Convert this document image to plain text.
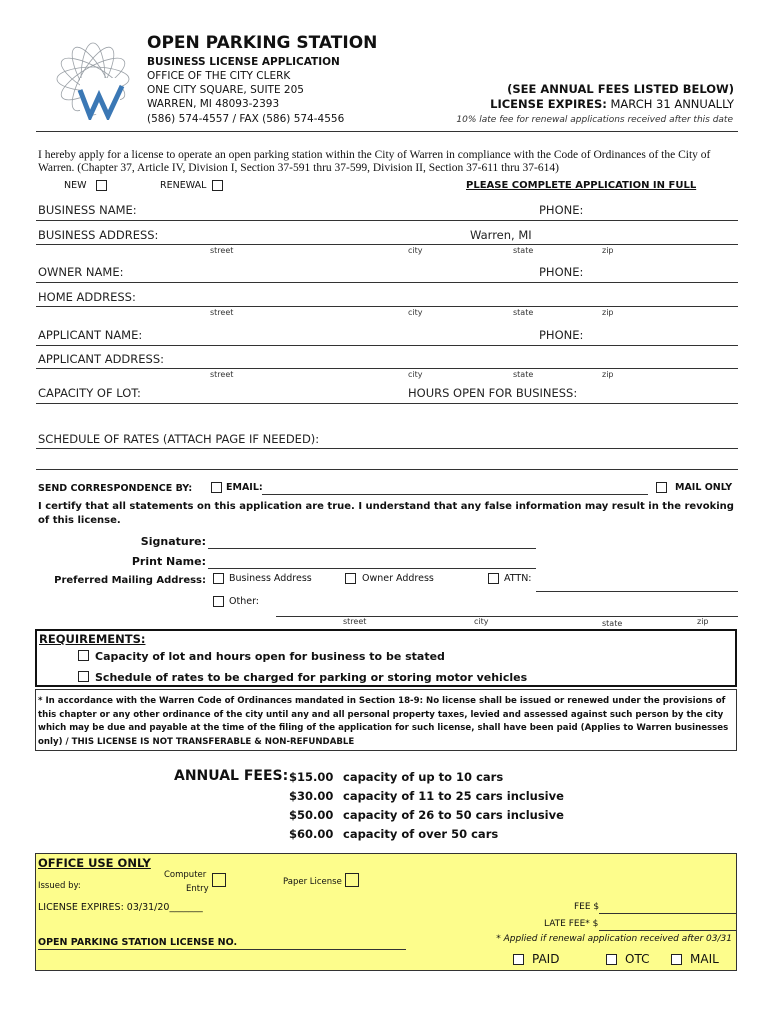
OPEN PARKING STATION
BUSINESS LICENSE APPLICATION
OFFICE OF THE CITY CLERK
ONE CITY SQUARE, SUITE 205
WARREN, MI 48093-2393
(586) 574-4557 / FAX (586) 574-4556
(SEE ANNUAL FEES LISTED BELOW)
LICENSE EXPIRES: MARCH 31 ANNUALLY
10% late fee for renewal applications received after this date
I hereby apply for a license to operate an open parking station within the City of Warren in compliance with the Code of Ordinances of the City of Warren. (Chapter 37, Article IV, Division I, Section 37-591 thru 37-599, Division II, Section 37-611 thru 37-614)
NEW	RENEWAL	PLEASE COMPLETE APPLICATION IN FULL
BUSINESS NAME:	PHONE:
BUSINESS ADDRESS:	Warren, MI
street	city	state	zip
OWNER NAME:	PHONE:
HOME ADDRESS:
street	city	state	zip
APPLICANT NAME:	PHONE:
APPLICANT ADDRESS:
street	city	state	zip
CAPACITY OF LOT:	HOURS OPEN FOR BUSINESS:
SCHEDULE OF RATES (ATTACH PAGE IF NEEDED):
SEND CORRESPONDENCE BY:	EMAIL:	MAIL ONLY
I certify that all statements on this application are true. I understand that any false information may result in the revoking of this license.
Signature:
Print Name:
Preferred Mailing Address: Business Address	Owner Address	ATTN:
Other:
street	city	state	zip
REQUIREMENTS:
Capacity of lot and hours open for business to be stated
Schedule of rates to be charged for parking or storing motor vehicles
* In accordance with the Warren Code of Ordinances mandated in Section 18-9: No license shall be issued or renewed under the provisions of this chapter or any other ordinance of the city until any and all personal property taxes, levied and assessed against such person by the city which may be due and payable at the time of the filing of the application for such license, shall have been paid (Applies to Warren businesses only) / THIS LICENSE IS NOT TRANSFERABLE & NON-REFUNDABLE
ANNUAL FEES: $15.00 capacity of up to 10 cars
$30.00 capacity of 11 to 25 cars inclusive
$50.00 capacity of 26 to 50 cars inclusive
$60.00 capacity of over 50 cars
OFFICE USE ONLY
Issued by:
Computer
Entry
Paper License
LICENSE EXPIRES: 03/31/20_______	FEE $
LATE FEE* $
* Applied if renewal application received after 03/31
OPEN PARKING STATION LICENSE NO.
PAID	OTC	MAIL
